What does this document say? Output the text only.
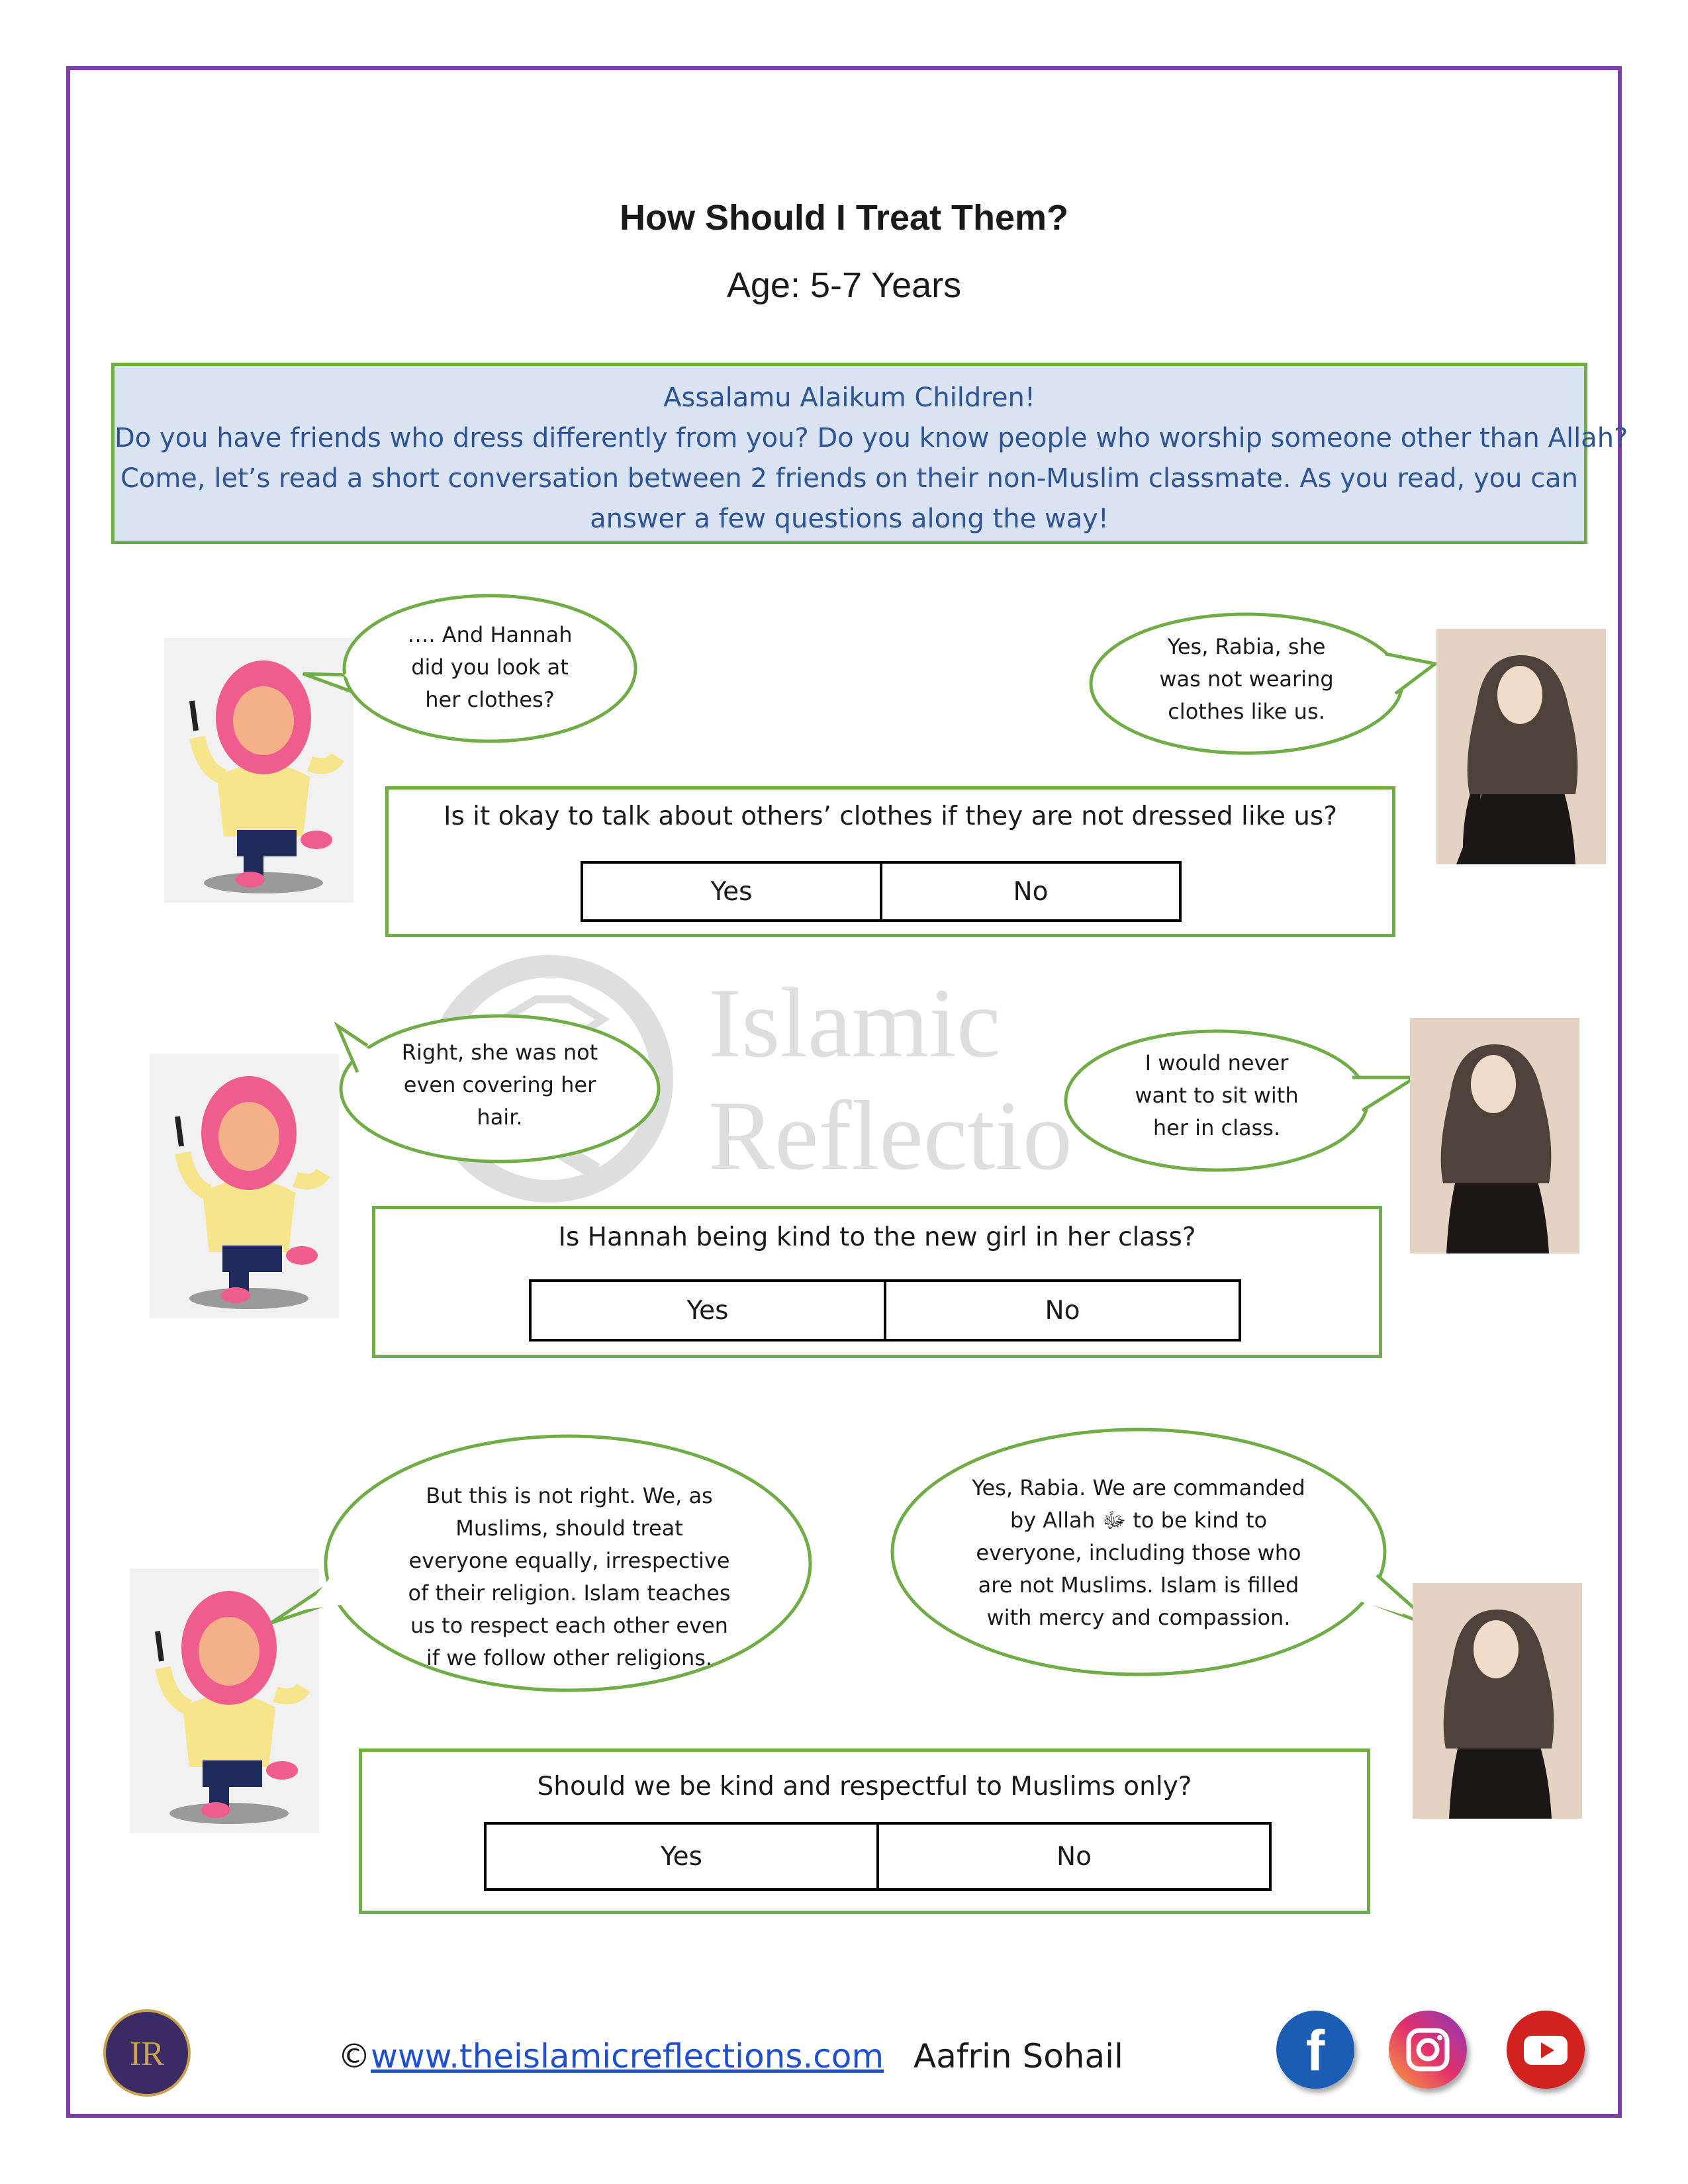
How Should I Treat Them?
Age: 5-7 Years
Assalamu Alaikum Children!
Do you have friends who dress differently from you? Do you know people who worship someone other than Allah?
Come, let’s read a short conversation between 2 friends on their non-Muslim classmate. As you read, you can
answer a few questions along the way!
Islamic
Reflectio
…. And Hannah
did you look at
her clothes?
Yes, Rabia, she
was not wearing
clothes like us.
Is it okay to talk about others’ clothes if they are not dressed like us?
Yes	No
Right, she was not
even covering her
hair.
I would never
want to sit with
her in class.
Is Hannah being kind to the new girl in her class?
Yes	No
But this is not right. We, as
Muslims, should treat
everyone equally, irrespective
of their religion. Islam teaches
us to respect each other even
if we follow other religions.
Yes, Rabia. We are commanded
by Allah ﷻ to be kind to
everyone, including those who
are not Muslims. Islam is filled
with mercy and compassion.
Should we be kind and respectful to Muslims only?
Yes	No
IR	©www.theislamicreflections.com Aafrin Sohail	f
